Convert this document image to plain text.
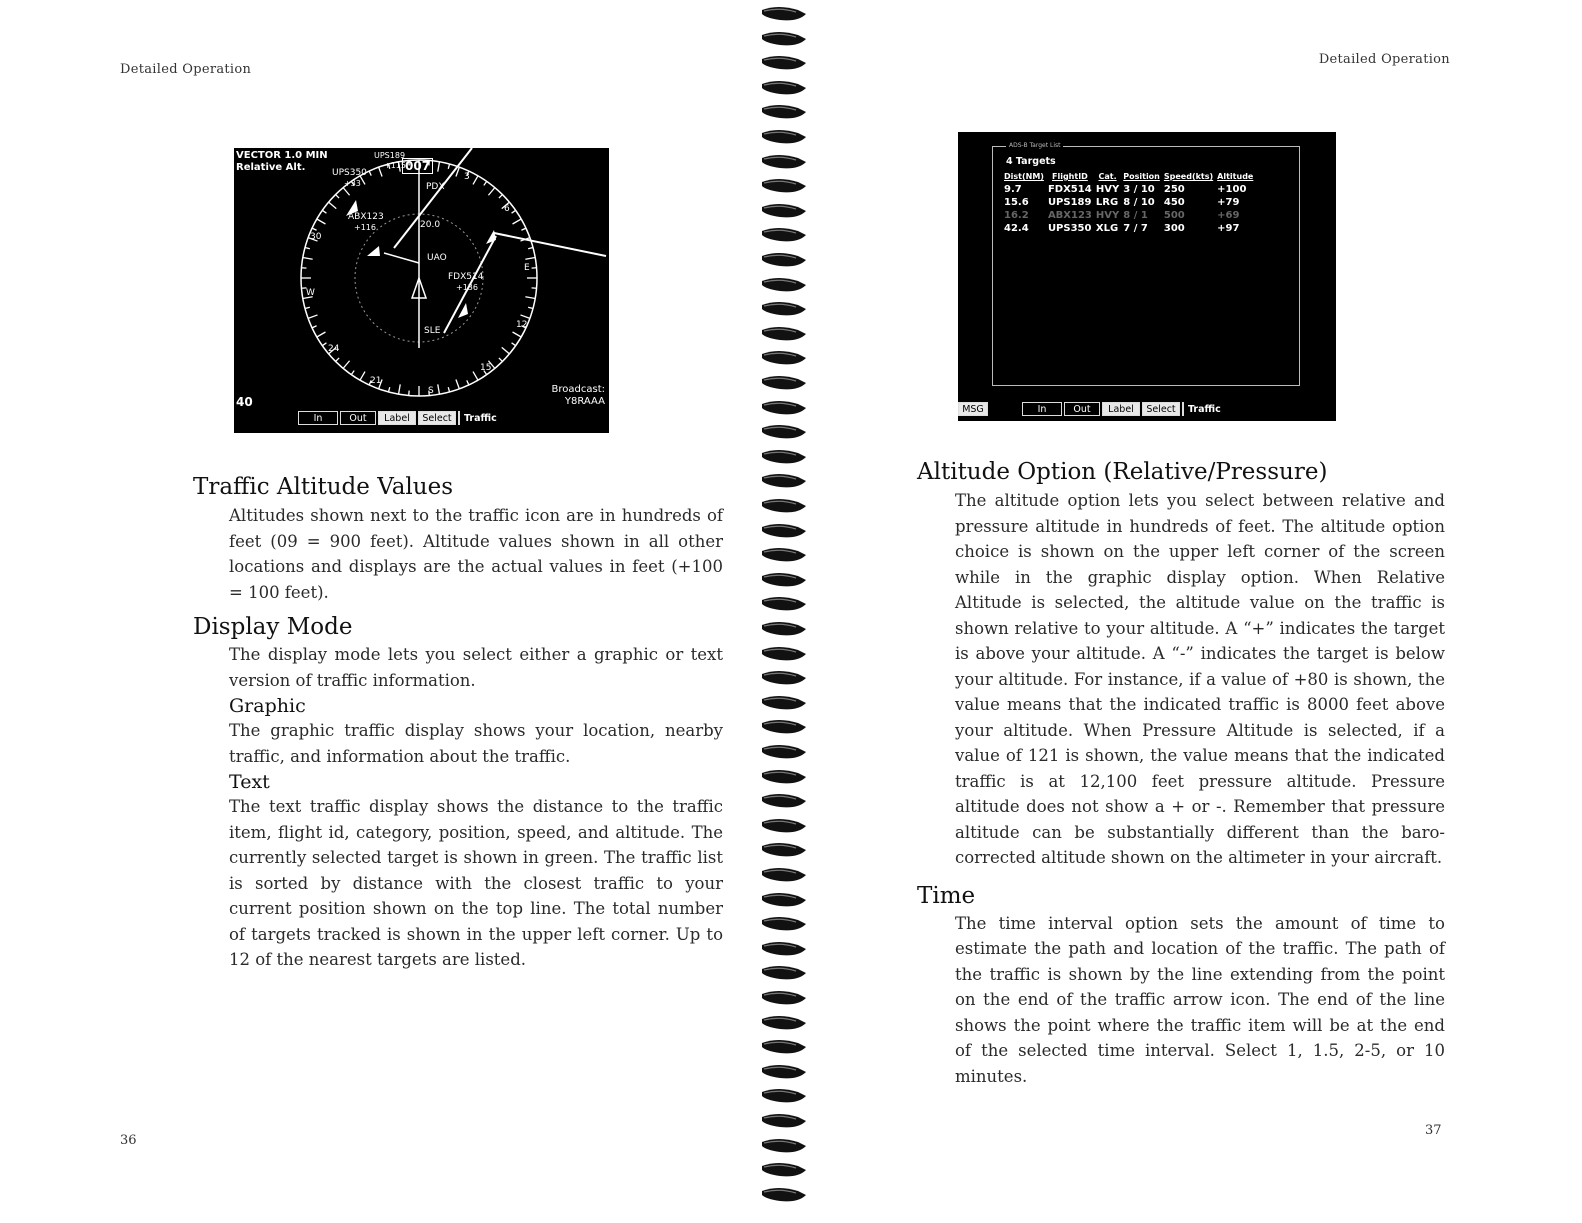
Detailed Operation
VECTOR 1.0 MIN
Relative Alt.	007
PDX
UAO
SLE
20.0
UPS350
+33
ABX123
+116
FDX514
+136
UPS189
+115
6
E
12
15
S
21
24
W
30
3
40
Broadcast:
Y8RAAA
In	Out	Label	Select	Traffic
Traffic Altitude Values

Altitudes shown next to the traffic icon are in hundreds of feet (09 = 900 feet). Altitude values shown in all other locations and displays are the actual values in feet (+100 = 100 feet).

Display Mode

The display mode lets you select either a graphic or text version of traffic information.

Graphic

The graphic traffic display shows your location, nearby traffic, and information about the traffic.

Text

The text traffic display shows the distance to the traffic item, flight id, category, position, speed, and altitude. The currently selected target is shown in green. The traffic list is sorted by distance with the closest traffic to your current position shown on the top line. The total number of targets tracked is shown in the upper left corner. Up to 12 of the nearest targets are listed.

36
Detailed Operation
ADS-B Target List
4 Targets
Dist(NM)	FlightID	Cat.	Position	Speed(kts)	Altitude
9.7	FDX514	HVY	3 / 10	250	+100
15.6	UPS189	LRG	8 / 10	450	+79
16.2	ABX123	HVY	8 / 1	500	+69
42.4	UPS350	XLG	7 / 7	300	+97
MSG	In	Out	Label	Select	Traffic
Altitude Option (Relative/Pressure)

The altitude option lets you select between relative and pressure altitude in hundreds of feet. The altitude option choice is shown on the upper left corner of the screen while in the graphic display option. When Relative Altitude is selected, the altitude value on the traffic is shown relative to your altitude. A “+” indicates the target is above your altitude. A “-” indicates the target is below your altitude. For instance, if a value of +80 is shown, the value means that the indicated traffic is 8000 feet above your altitude. When Pressure Altitude is selected, if a value of 121 is shown, the value means that the indicated traffic is at 12,100 feet pressure altitude. Pressure altitude does not show a + or -. Remember that pressure altitude can be substantially different than the baro-corrected altitude shown on the altimeter in your aircraft.

Time

The time interval option sets the amount of time to estimate the path and location of the traffic. The path of the traffic is shown by the line extending from the point on the end of the traffic arrow icon. The end of the line shows the point where the traffic item will be at the end of the selected time interval. Select 1, 1.5, 2-5, or 10 minutes.

37
